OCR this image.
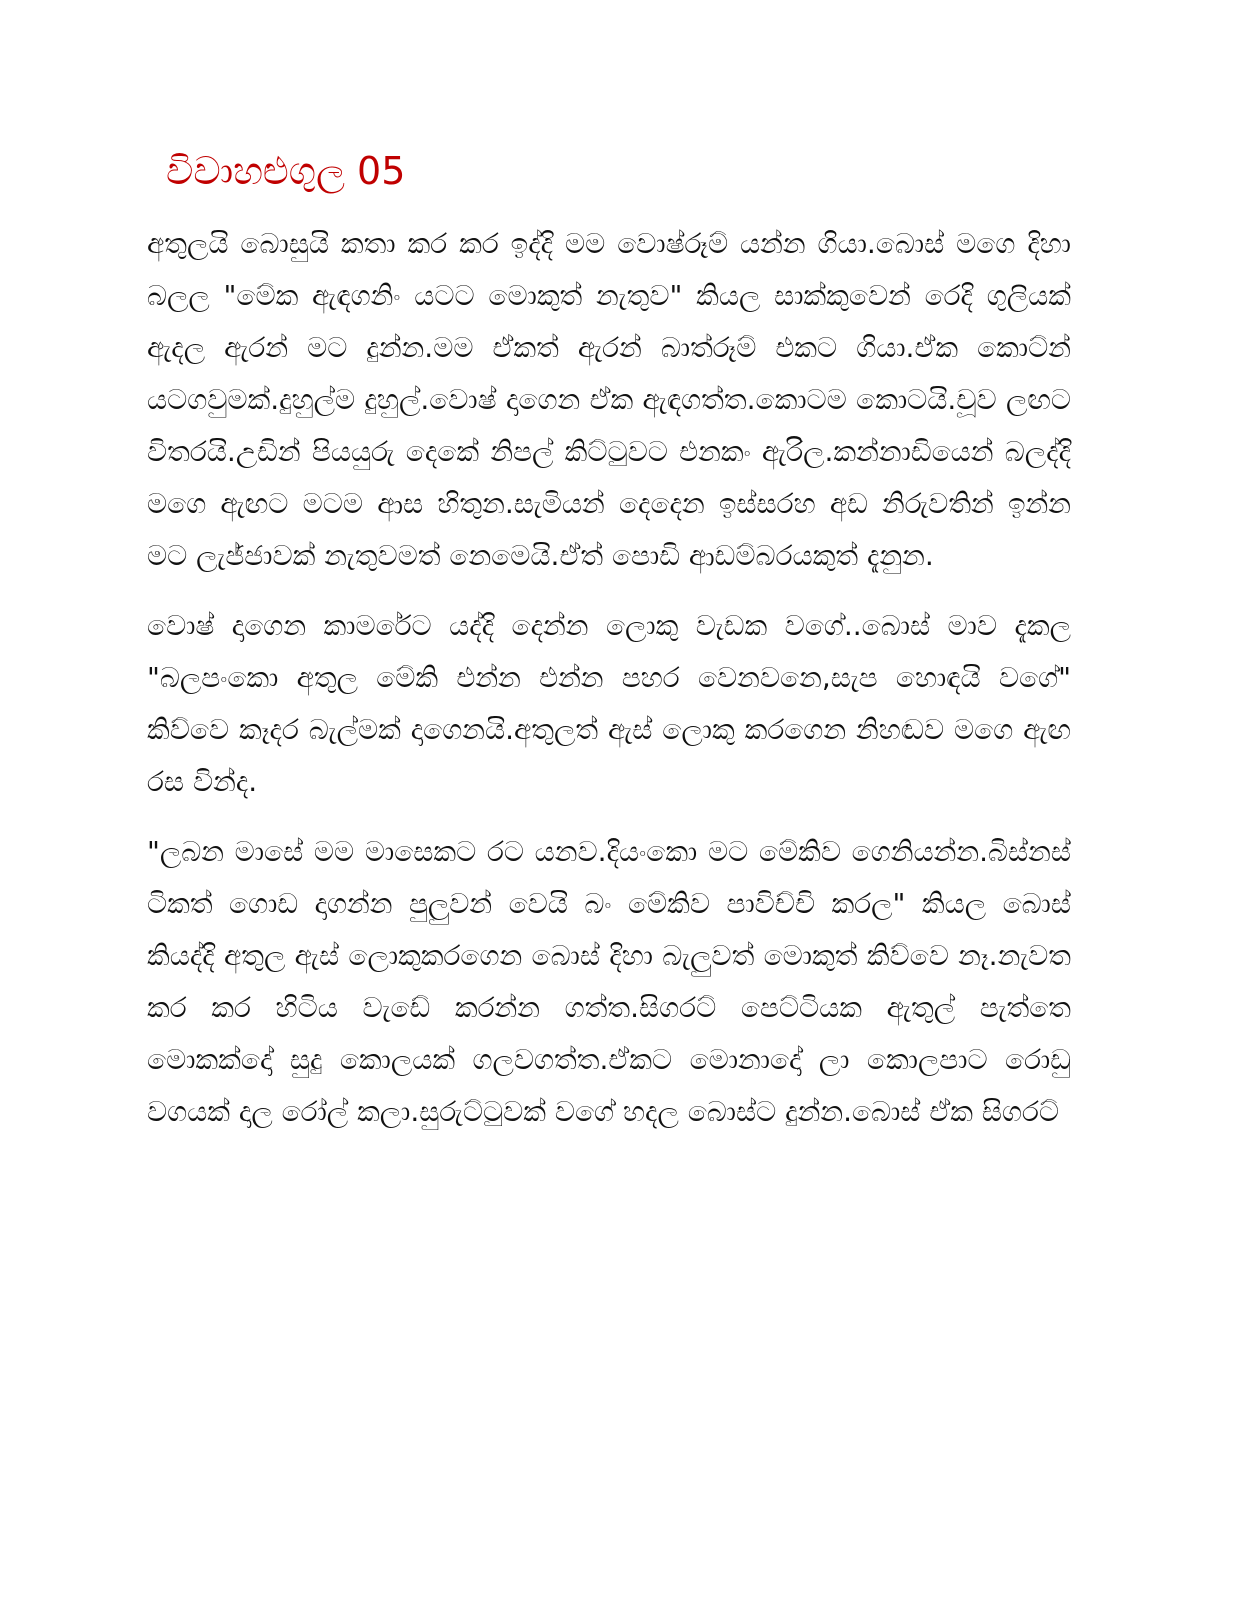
විවාහළුගුල 05

අතුලයි බොසුයි කතා කර කර ඉද්දි මම වොෂ්රූම් යන්න ගියා.බොස් මගෙ දිහා බලල "මේක ඇඳගනිං යටට මොකුත් නැතුව" කියල සාක්කුවෙන් රෙදි ගුලියක් ඇදල ඇරන් මට දුන්න.මම ඒකත් ඇරන් බාත්රූම් එකට ගියා.ඒක කොට්න් යටගවුමක්.දුහුල්ම දුහුල්.වොෂ් දාගෙන ඒක ඇඳගත්ත.කොටම කොටයි.චූව ලඟට විතරයි.උඩින් පියයුරු දෙකේ නිපල් කිට්ටුවට එනකං ඇරිල.කන්නාඩියෙන් බලද්දි මගෙ ඇඟට මටම ආස හිතුන.සැමියන් දෙදෙන ඉස්සරහ අඩ නිරුවතින් ඉන්න මට ලැජ්ජාවක් නැතුවමත් නෙමෙයි.ඒත් පොඩි ආඩම්බරයකුත් දැනුන.

වොෂ් දාගෙන කාමරේට යද්දි දෙන්න ලොකු වැඩක වගේ..බොස් මාව දැකල "බලපංකො අතුල මේකි එන්න එන්න පහර වෙනවනෙ,සැප හොඳයි වගේ" කිව්වෙ කෑදර බැල්මක් දාගෙනයි.අතුලත් ඇස් ලොකු කරගෙන නිහඬව මගෙ ඇඟ රස වින්ද.

"ලබන මාසේ මම මාසෙකට රට යනව.දියංකො මට මේකිව ගෙනියන්න.බිස්නස් ටිකත් ගොඩ දාගන්න පුලුවන් වෙයි බං මේකිව පාවිච්චි කරල" කියල බොස් කියද්දි අතුල ඇස් ලොකුකරගෙන බොස් දිහා බැලුවත් මොකුත් කිව්වෙ නෑ.නැවත කර කර හිටිය වැඩේ කරන්න ගත්ත.සිගරට් පෙට්ටියක ඇතුල් පැත්තෙ මොකක්දෝ සුදු කොලයක් ගලවගත්ත.ඒකට මොනාදෝ ලා කොලපාට රොඩු වගයක් දාල රෝල් කලා.සුරුට්ටුවක් වගේ හදල බොස්ට දුන්න.බොස් ඒක සිගරට්
